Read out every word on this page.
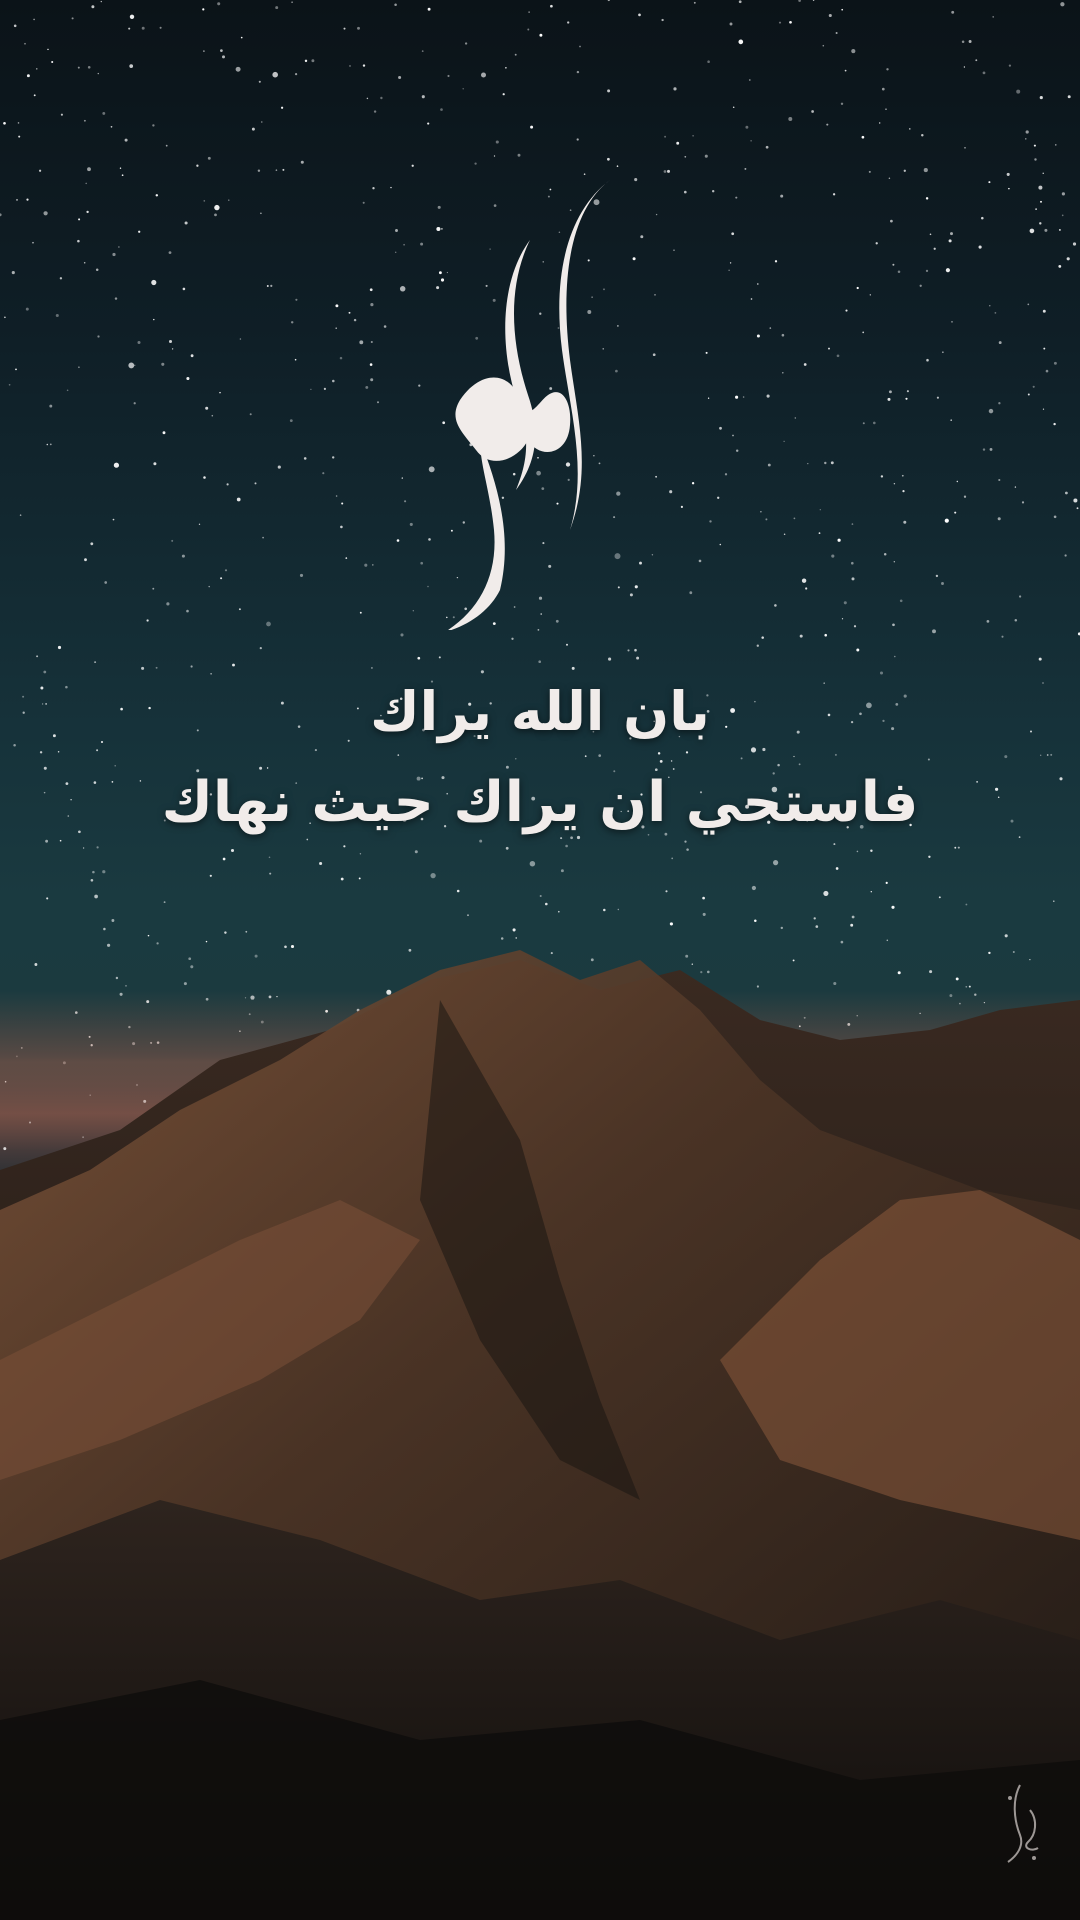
بان الله يراك
فاستحي ان يراك حيث نهاك
